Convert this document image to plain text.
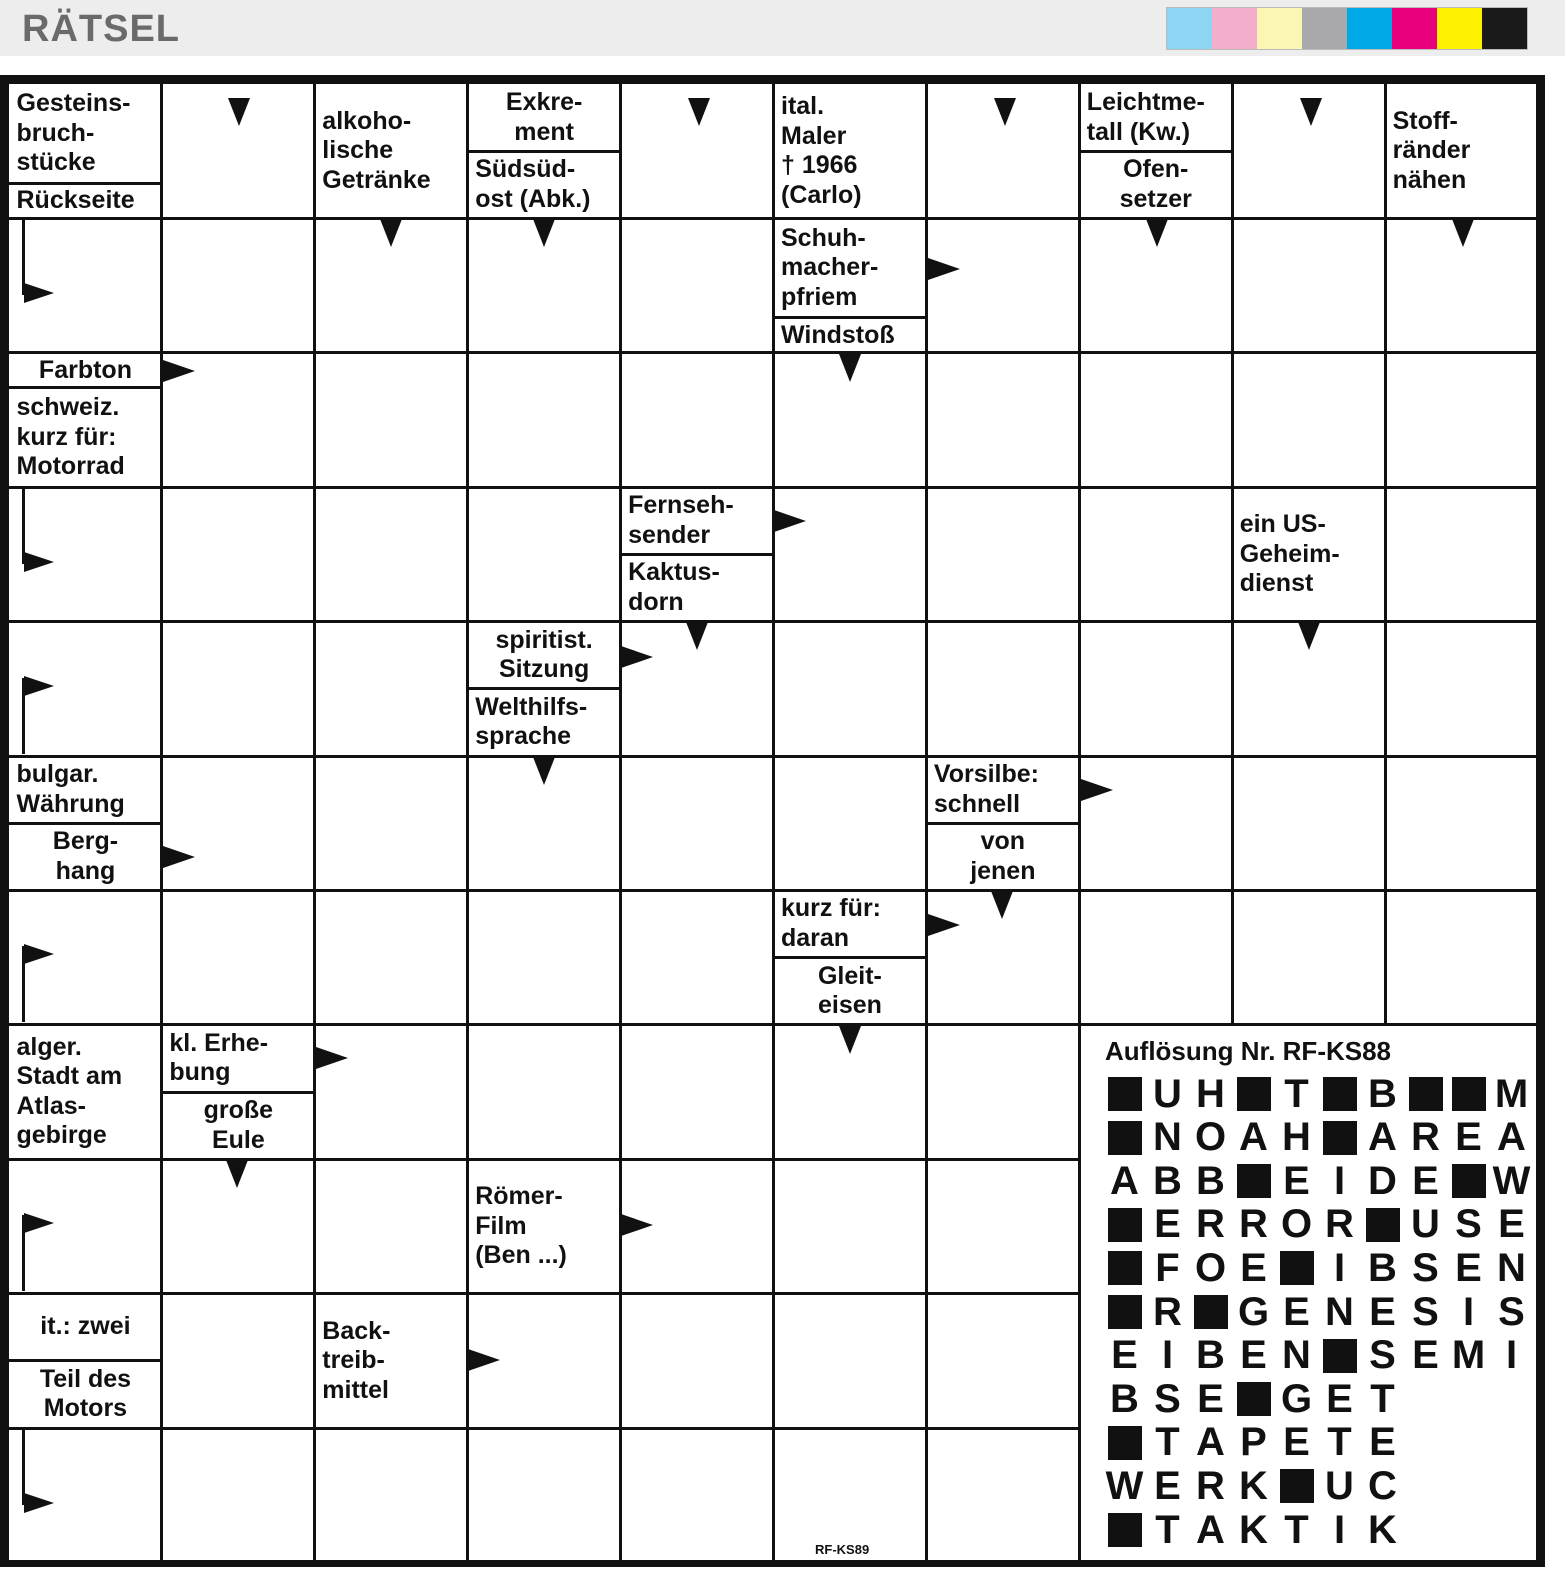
RÄTSEL
Auflösung Nr. RF-KS88
U H T B M
N O A H A R E A
A B B E I D E W
E R R O R U S E
F O E	I B S E N
R G E N E S I S
E I B E N S E M I
B S E G E T
T A P E T E
W E R K U C
T A K T I K
RF-KS89
Gesteins-
bruch-
stücke
Rückseite
alkoho-
lische
Getränke
Exkre-
ment
Südsüd-
ost (Abk.)
ital.
Maler
† 1966
(Carlo)
Leichtme-
tall (Kw.)
Ofen-
setzer
Stoff-
ränder
nähen
Schuh-
macher-
pfriem
Windstoß
Farbton
schweiz.
kurz für:
Motorrad
Fernseh-
sender
Kaktus-
dorn
ein US-
Geheim-
dienst
spiritist.
Sitzung
Welthilfs-
sprache
bulgar.
Währung
Berg-
hang
Vorsilbe:
schnell
von
jenen
kurz für:
daran
Gleit-
eisen
alger.
Stadt am
Atlas-
gebirge
kl. Erhe-
bung
große
Eule
Römer-
Film
(Ben ...)
it.: zwei
Teil des
Motors
Back-
treib-
mittel
